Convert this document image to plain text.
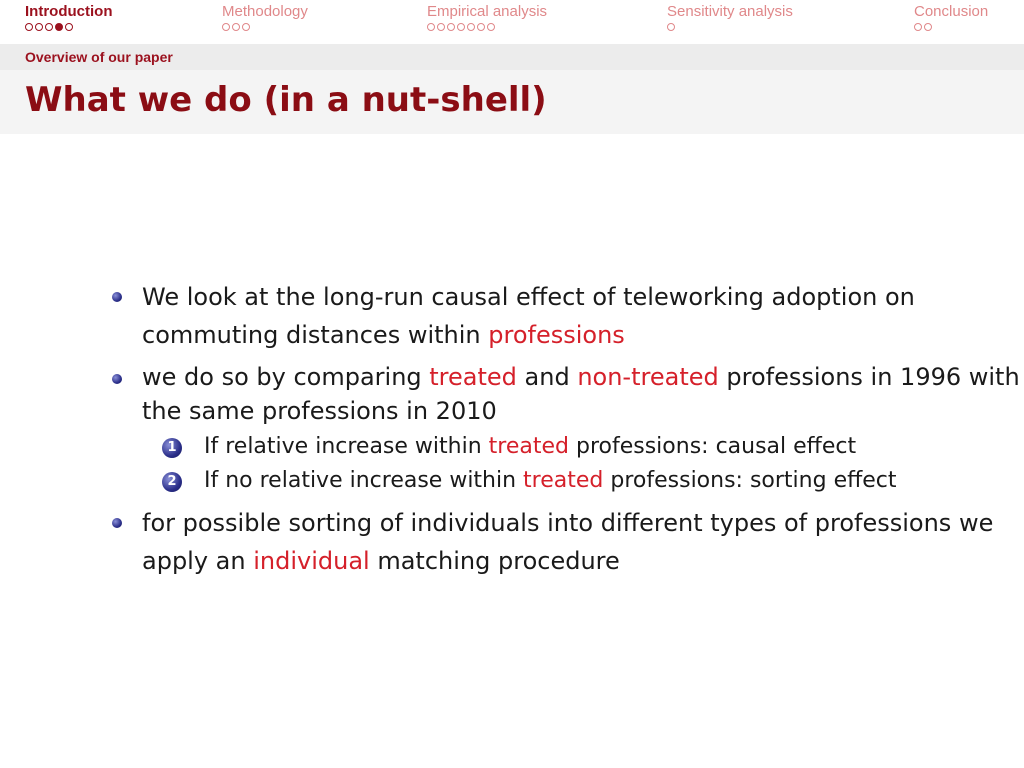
Introduction	Methodology	Empirical analysis	Sensitivity analysis	Conclusion
Overview of our paper
What we do (in a nut-shell)
We look at the long-run causal effect of teleworking adoption on commuting distances within professions
we do so by comparing treated and non-treated professions in 1996 with the same professions in 2010
1 If relative increase within treated professions: causal effect
2 If no relative increase within treated professions: sorting effect
for possible sorting of individuals into different types of professions we apply an individual matching procedure
